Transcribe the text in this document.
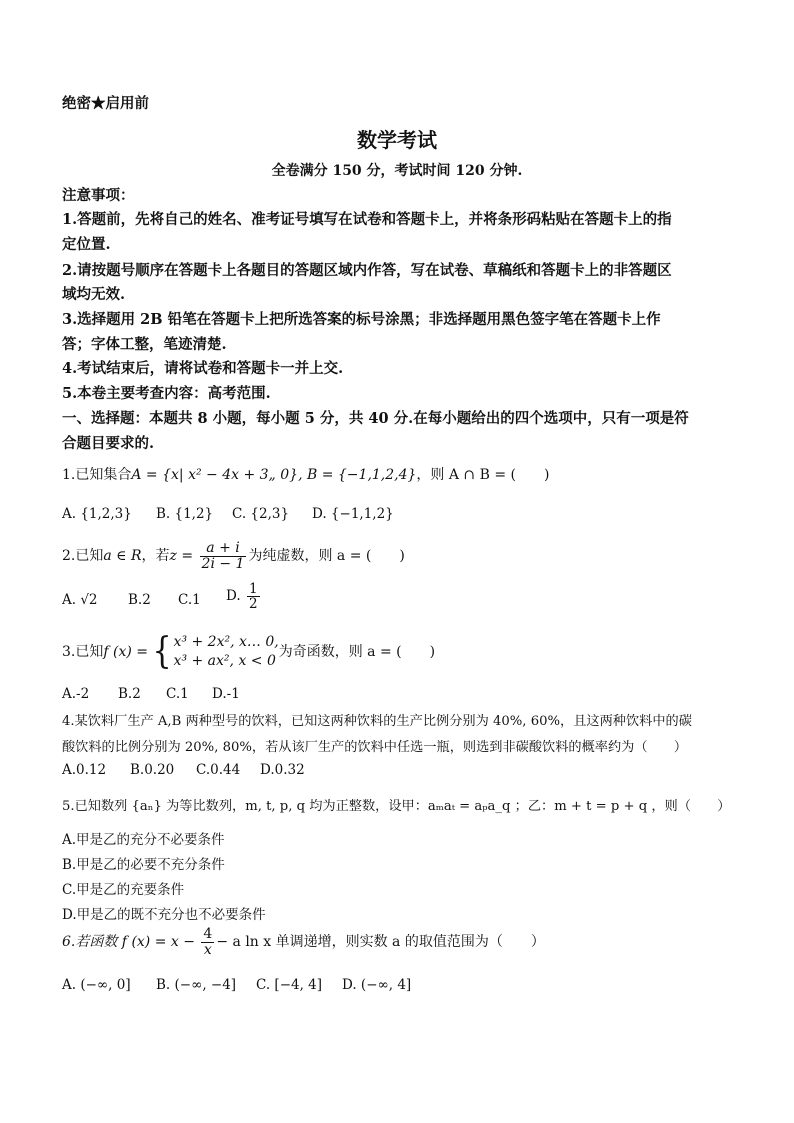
绝密★启用前
数学考试
全卷满分 150 分，考试时间 120 分钟.
注意事项：
1.答题前，先将自己的姓名、准考证号填写在试卷和答题卡上，并将条形码粘贴在答题卡上的指
定位置.
2.请按题号顺序在答题卡上各题目的答题区域内作答，写在试卷、草稿纸和答题卡上的非答题区
域均无效.
3.选择题用 2B 铅笔在答题卡上把所选答案的标号涂黑；非选择题用黑色签字笔在答题卡上作
答；字体工整，笔迹清楚.
4.考试结束后，请将试卷和答题卡一并上交.
5.本卷主要考查内容：高考范围.
一、选择题：本题共 8 小题，每小题 5 分，共 40 分.在每小题给出的四个选项中，只有一项是符
合题目要求的.
1.已知集合A = {x| x² − 4x + 3„ 0}, B = {−1,1,2,4}，则 A ∩ B = (　　)
A. {1,2,3} B. {1,2} C. {2,3} D. {−1,1,2}
2.已知a ∈ R，若$z = \frac{a + i}{2i - 1}$ 为纯虚数，则 a = (　　)
A. √2 B.2 C.1 D. $\frac{1}{2}$
3.已知f (x) = { x³ + 2x², x… 0,
x³ + ax², x < 0
为奇函数，则 a = (　　)
A.-2 B.2 C.1 D.-1
4.某饮料厂生产 A,B 两种型号的饮料，已知这两种饮料的生产比例分别为 40%, 60%，且这两种饮料中的碳
酸饮料的比例分别为 20%, 80%，若从该厂生产的饮料中任选一瓶，则选到非碳酸饮料的概率约为（　　）
A.0.12 B.0.20 C.0.44 D.0.32
5.已知数列 {aₙ} 为等比数列，m, t, p, q 均为正整数，设甲：aₘaₜ = aₚa_q ；乙：m + t = p + q ，则（　　）
A.甲是乙的充分不必要条件
B.甲是乙的必要不充分条件
C.甲是乙的充要条件
D.甲是乙的既不充分也不必要条件
6.若函数 f $(x) = x - \frac{4}{x} - a$ ln x 单调递增，则实数 a 的取值范围为（　　）
A. (−∞, 0] B. (−∞, −4] C. [−4, 4] D. (−∞, 4]
